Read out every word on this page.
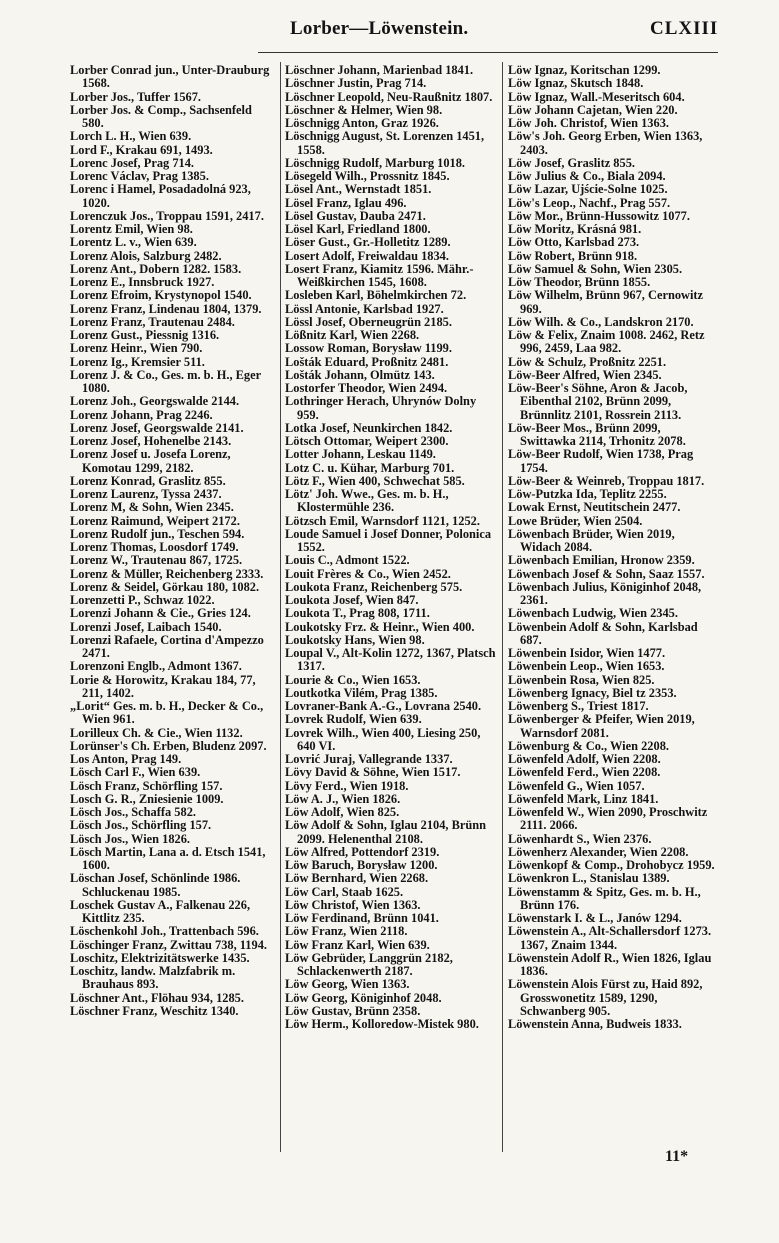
Lorber—Löwenstein.	CLXIII
Lorber Conrad jun., Unter-Drauburg 1568.
Lorber Jos., Tuffer 1567.
Lorber Jos. & Comp., Sachsenfeld 580.
Lorch L. H., Wien 639.
Lord F., Krakau 691, 1493.
Lorenc Josef, Prag 714.
Lorenc Václav, Prag 1385.
Lorenc i Hamel, Posadadolná 923, 1020.
Lorenczuk Jos., Troppau 1591, 2417.
Lorentz Emil, Wien 98.
Lorentz L. v., Wien 639.
Lorenz Alois, Salzburg 2482.
Lorenz Ant., Dobern 1282. 1583.
Lorenz E., Innsbruck 1927.
Lorenz Efroim, Krystynopol 1540.
Lorenz Franz, Lindenau 1804, 1379.
Lorenz Franz, Trautenau 2484.
Lorenz Gust., Piessnig 1316.
Lorenz Heinr., Wien 790.
Lorenz Ig., Kremsier 511.
Lorenz J. & Co., Ges. m. b. H., Eger 1080.
Lorenz Joh., Georgswalde 2144.
Lorenz Johann, Prag 2246.
Lorenz Josef, Georgswalde 2141.
Lorenz Josef, Hohenelbe 2143.
Lorenz Josef u. Josefa Lorenz, Komotau 1299, 2182.
Lorenz Konrad, Graslitz 855.
Lorenz Laurenz, Tyssa 2437.
Lorenz M, & Sohn, Wien 2345.
Lorenz Raimund, Weipert 2172.
Lorenz Rudolf jun., Teschen 594.
Lorenz Thomas, Loosdorf 1749.
Lorenz W., Trautenau 867, 1725.
Lorenz & Müller, Reichenberg 2333.
Lorenz & Seidel, Görkau 180, 1082.
Lorenzetti P., Schwaz 1022.
Lorenzi Johann & Cie., Gries 124.
Lorenzi Josef, Laibach 1540.
Lorenzi Rafaele, Cortina d'Ampezzo 2471.
Lorenzoni Englb., Admont 1367.
Lorie & Horowitz, Krakau 184, 77, 211, 1402.
„Lorit“ Ges. m. b. H., Decker & Co., Wien 961.
Lorilleux Ch. & Cie., Wien 1132.
Lorünser's Ch. Erben, Bludenz 2097.
Los Anton, Prag 149.
Lösch Carl F., Wien 639.
Lösch Franz, Schörfling 157.
Losch G. R., Zniesienie 1009.
Lösch Jos., Schaffa 582.
Lösch Jos., Schörfling 157.
Lösch Jos., Wien 1826.
Lösch Martin, Lana a. d. Etsch 1541, 1600.
Löschan Josef, Schönlinde 1986. Schluckenau 1985.
Loschek Gustav A., Falkenau 226, Kittlitz 235.
Löschenkohl Joh., Trattenbach 596.
Löschinger Franz, Zwittau 738, 1194.
Loschitz, Elektrizitätswerke 1435.
Loschitz, landw. Malzfabrik m. Brauhaus 893.
Löschner Ant., Flöhau 934, 1285.
Löschner Franz, Weschitz 1340.
Löschner Johann, Marienbad 1841.
Löschner Justin, Prag 714.
Löschner Leopold, Neu-Raußnitz 1807.
Löschner & Helmer, Wien 98.
Löschnigg Anton, Graz 1926.
Löschnigg August, St. Lorenzen 1451, 1558.
Löschnigg Rudolf, Marburg 1018.
Lösegeld Wilh., Prossnitz 1845.
Lösel Ant., Wernstadt 1851.
Lösel Franz, Iglau 496.
Lösel Gustav, Dauba 2471.
Lösel Karl, Friedland 1800.
Löser Gust., Gr.-Holletitz 1289.
Losert Adolf, Freiwaldau 1834.
Losert Franz, Kiamitz 1596. Mähr.-Weißkirchen 1545, 1608.
Losleben Karl, Böhelmkirchen 72.
Lössl Antonie, Karlsbad 1927.
Lössl Josef, Oberneugrün 2185.
Lößnitz Karl, Wien 2268.
Lossow Roman, Borysław 1199.
Lošták Eduard, Proßnitz 2481.
Lošták Johann, Olmütz 143.
Lostorfer Theodor, Wien 2494.
Lothringer Herach, Uhrynów Dolny 959.
Lotka Josef, Neunkirchen 1842.
Lötsch Ottomar, Weipert 2300.
Lotter Johann, Leskau 1149.
Lotz C. u. Kühar, Marburg 701.
Lötz F., Wien 400, Schwechat 585.
Lötz' Joh. Wwe., Ges. m. b. H., Klostermühle 236.
Lötzsch Emil, Warnsdorf 1121, 1252.
Loude Samuel i Josef Donner, Polonica 1552.
Louis C., Admont 1522.
Louit Frères & Co., Wien 2452.
Loukota Franz, Reichenberg 575.
Loukota Josef, Wien 847.
Loukota T., Prag 808, 1711.
Loukotsky Frz. & Heinr., Wien 400.
Loukotsky Hans, Wien 98.
Loupal V., Alt-Kolin 1272, 1367, Platsch 1317.
Lourie & Co., Wien 1653.
Loutkotka Vilém, Prag 1385.
Lovraner-Bank A.-G., Lovrana 2540.
Lovrek Rudolf, Wien 639.
Lovrek Wilh., Wien 400, Liesing 250, 640 VI.
Lovrić Juraj, Vallegrande 1337.
Lövy David & Söhne, Wien 1517.
Lövy Ferd., Wien 1918.
Löw A. J., Wien 1826.
Löw Adolf, Wien 825.
Löw Adolf & Sohn, Iglau 2104, Brünn 2099. Helenenthal 2108.
Löw Alfred, Pottendorf 2319.
Löw Baruch, Borysław 1200.
Löw Bernhard, Wien 2268.
Löw Carl, Staab 1625.
Löw Christof, Wien 1363.
Löw Ferdinand, Brünn 1041.
Löw Franz, Wien 2118.
Löw Franz Karl, Wien 639.
Löw Gebrüder, Langgrün 2182, Schlackenwerth 2187.
Löw Georg, Wien 1363.
Löw Georg, Königinhof 2048.
Löw Gustav, Brünn 2358.
Löw Herm., Kolloredow-Mistek 980.
Löw Ignaz, Koritschan 1299.
Löw Ignaz, Skutsch 1848.
Löw Ignaz, Wall.-Meseritsch 604.
Löw Johann Cajetan, Wien 220.
Löw Joh. Christof, Wien 1363.
Löw's Joh. Georg Erben, Wien 1363, 2403.
Löw Josef, Graslitz 855.
Löw Julius & Co., Biala 2094.
Löw Lazar, Ujście-Solne 1025.
Löw's Leop., Nachf., Prag 557.
Löw Mor., Brünn-Hussowitz 1077.
Löw Moritz, Krásná 981.
Löw Otto, Karlsbad 273.
Löw Robert, Brünn 918.
Löw Samuel & Sohn, Wien 2305.
Löw Theodor, Brünn 1855.
Löw Wilhelm, Brünn 967, Cernowitz 969.
Löw Wilh. & Co., Landskron 2170.
Löw & Felix, Znaim 1008. 2462, Retz 996, 2459, Laa 982.
Löw & Schulz, Proßnitz 2251.
Löw-Beer Alfred, Wien 2345.
Löw-Beer's Söhne, Aron & Jacob, Eibenthal 2102, Brünn 2099, Brünnlitz 2101, Rossrein 2113.
Löw-Beer Mos., Brünn 2099, Swittawka 2114, Trhonitz 2078.
Löw-Beer Rudolf, Wien 1738, Prag 1754.
Löw-Beer & Weinreb, Troppau 1817.
Löw-Putzka Ida, Teplitz 2255.
Lowak Ernst, Neutitschein 2477.
Lowe Brüder, Wien 2504.
Löwenbach Brüder, Wien 2019, Widach 2084.
Löwenbach Emilian, Hronow 2359.
Löwenbach Josef & Sohn, Saaz 1557.
Löwenbach Julius, Königinhof 2048, 2361.
Löwenbach Ludwig, Wien 2345.
Löwenbein Adolf & Sohn, Karlsbad 687.
Löwenbein Isidor, Wien 1477.
Löwenbein Leop., Wien 1653.
Löwenbein Rosa, Wien 825.
Löwenberg Ignacy, Biel tz 2353.
Löwenberg S., Triest 1817.
Löwenberger & Pfeifer, Wien 2019, Warnsdorf 2081.
Löwenburg & Co., Wien 2208.
Löwenfeld Adolf, Wien 2208.
Löwenfeld Ferd., Wien 2208.
Löwenfeld G., Wien 1057.
Löwenfeld Mark, Linz 1841.
Löwenfeld W., Wien 2090, Proschwitz 2111. 2066.
Löwenhardt S., Wien 2376.
Löwenherz Alexander, Wien 2208.
Löwenkopf & Comp., Drohobycz 1959.
Löwenkron L., Stanislau 1389.
Löwenstamm & Spitz, Ges. m. b. H., Brünn 176.
Löwenstark I. & L., Janów 1294.
Löwenstein A., Alt-Schallersdorf 1273. 1367, Znaim 1344.
Löwenstein Adolf R., Wien 1826, Iglau 1836.
Löwenstein Alois Fürst zu, Haid 892, Grosswonetitz 1589, 1290, Schwanberg 905.
Löwenstein Anna, Budweis 1833.
11*
